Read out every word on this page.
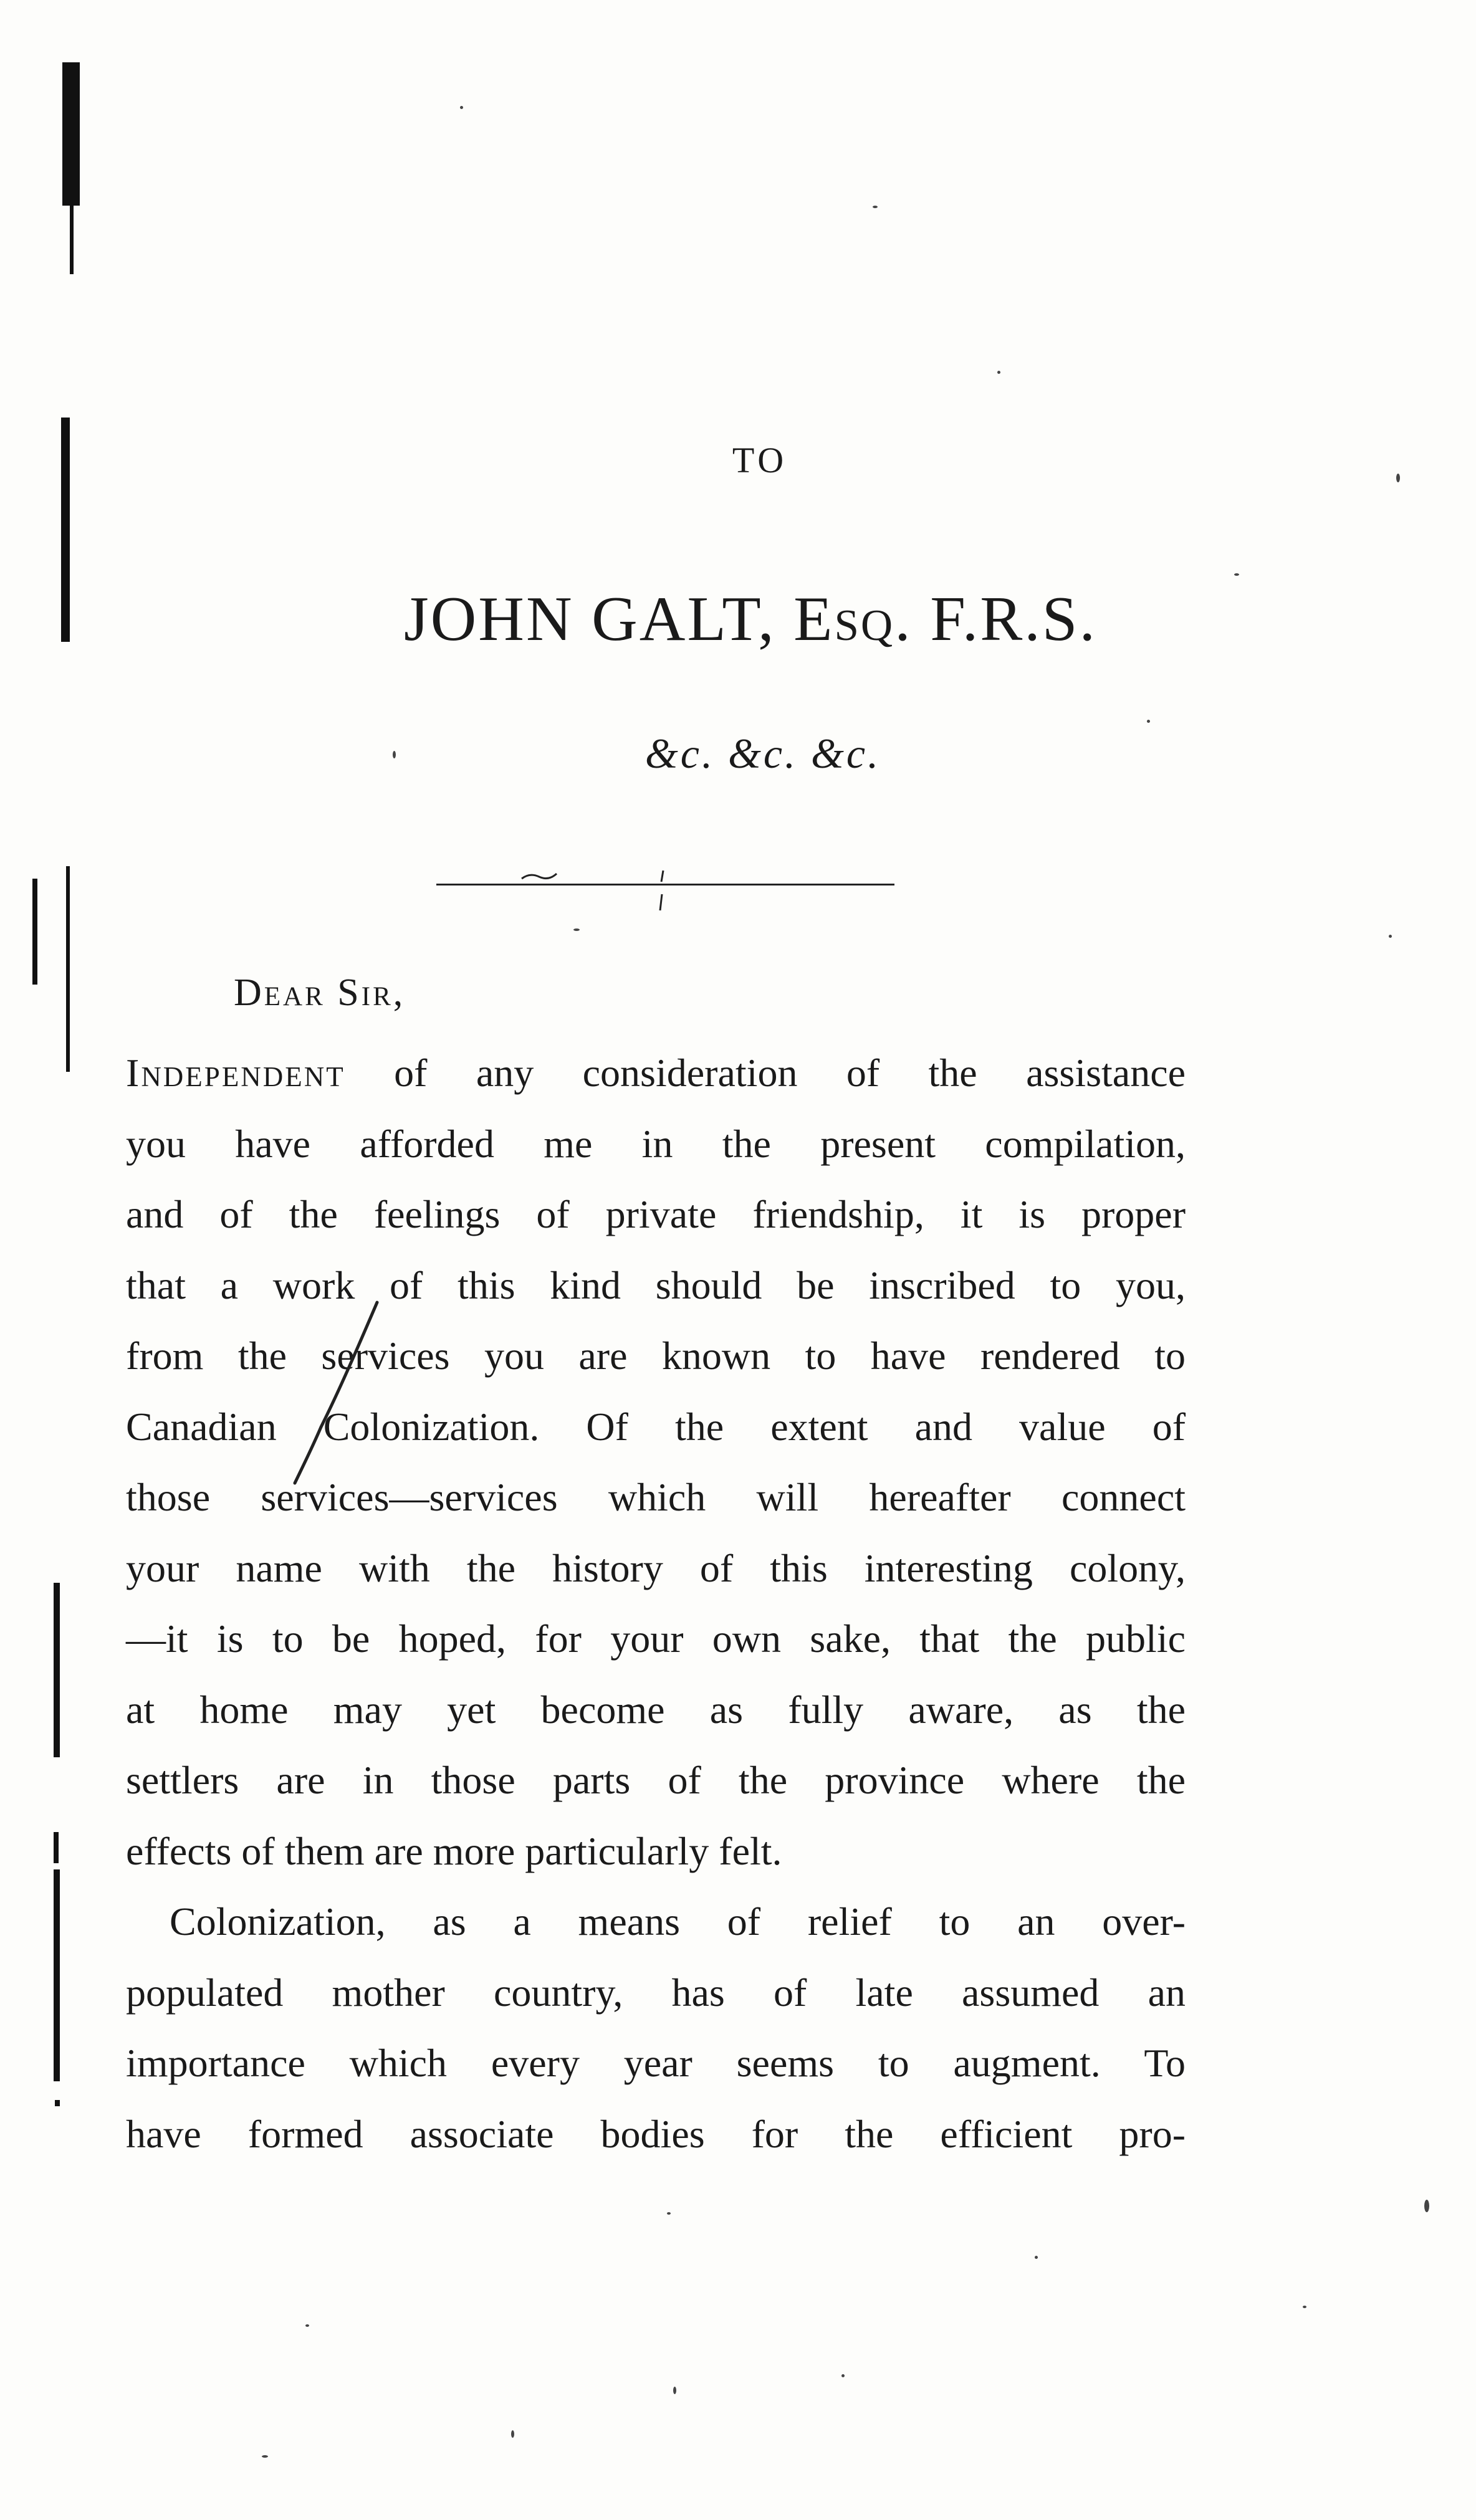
TO
JOHN GALT, Esq. F.R.S.
&c. &c. &c.
Dear Sir,
Independent of any consideration of the assistance
you have afforded me in the present compilation,
and of the feelings of private friendship, it is proper
that a work of this kind should be inscribed to you,
from the services you are known to have rendered to
Canadian Colonization. Of the extent and value of
those services—services which will hereafter connect
your name with the history of this interesting colony,
—it is to be hoped, for your own sake, that the public
at home may yet become as fully aware, as the
settlers are in those parts of the province where the
effects of them are more particularly felt.
Colonization, as a means of relief to an over-
populated mother country, has of late assumed an
importance which every year seems to augment. To
have formed associate bodies for the efficient pro-
